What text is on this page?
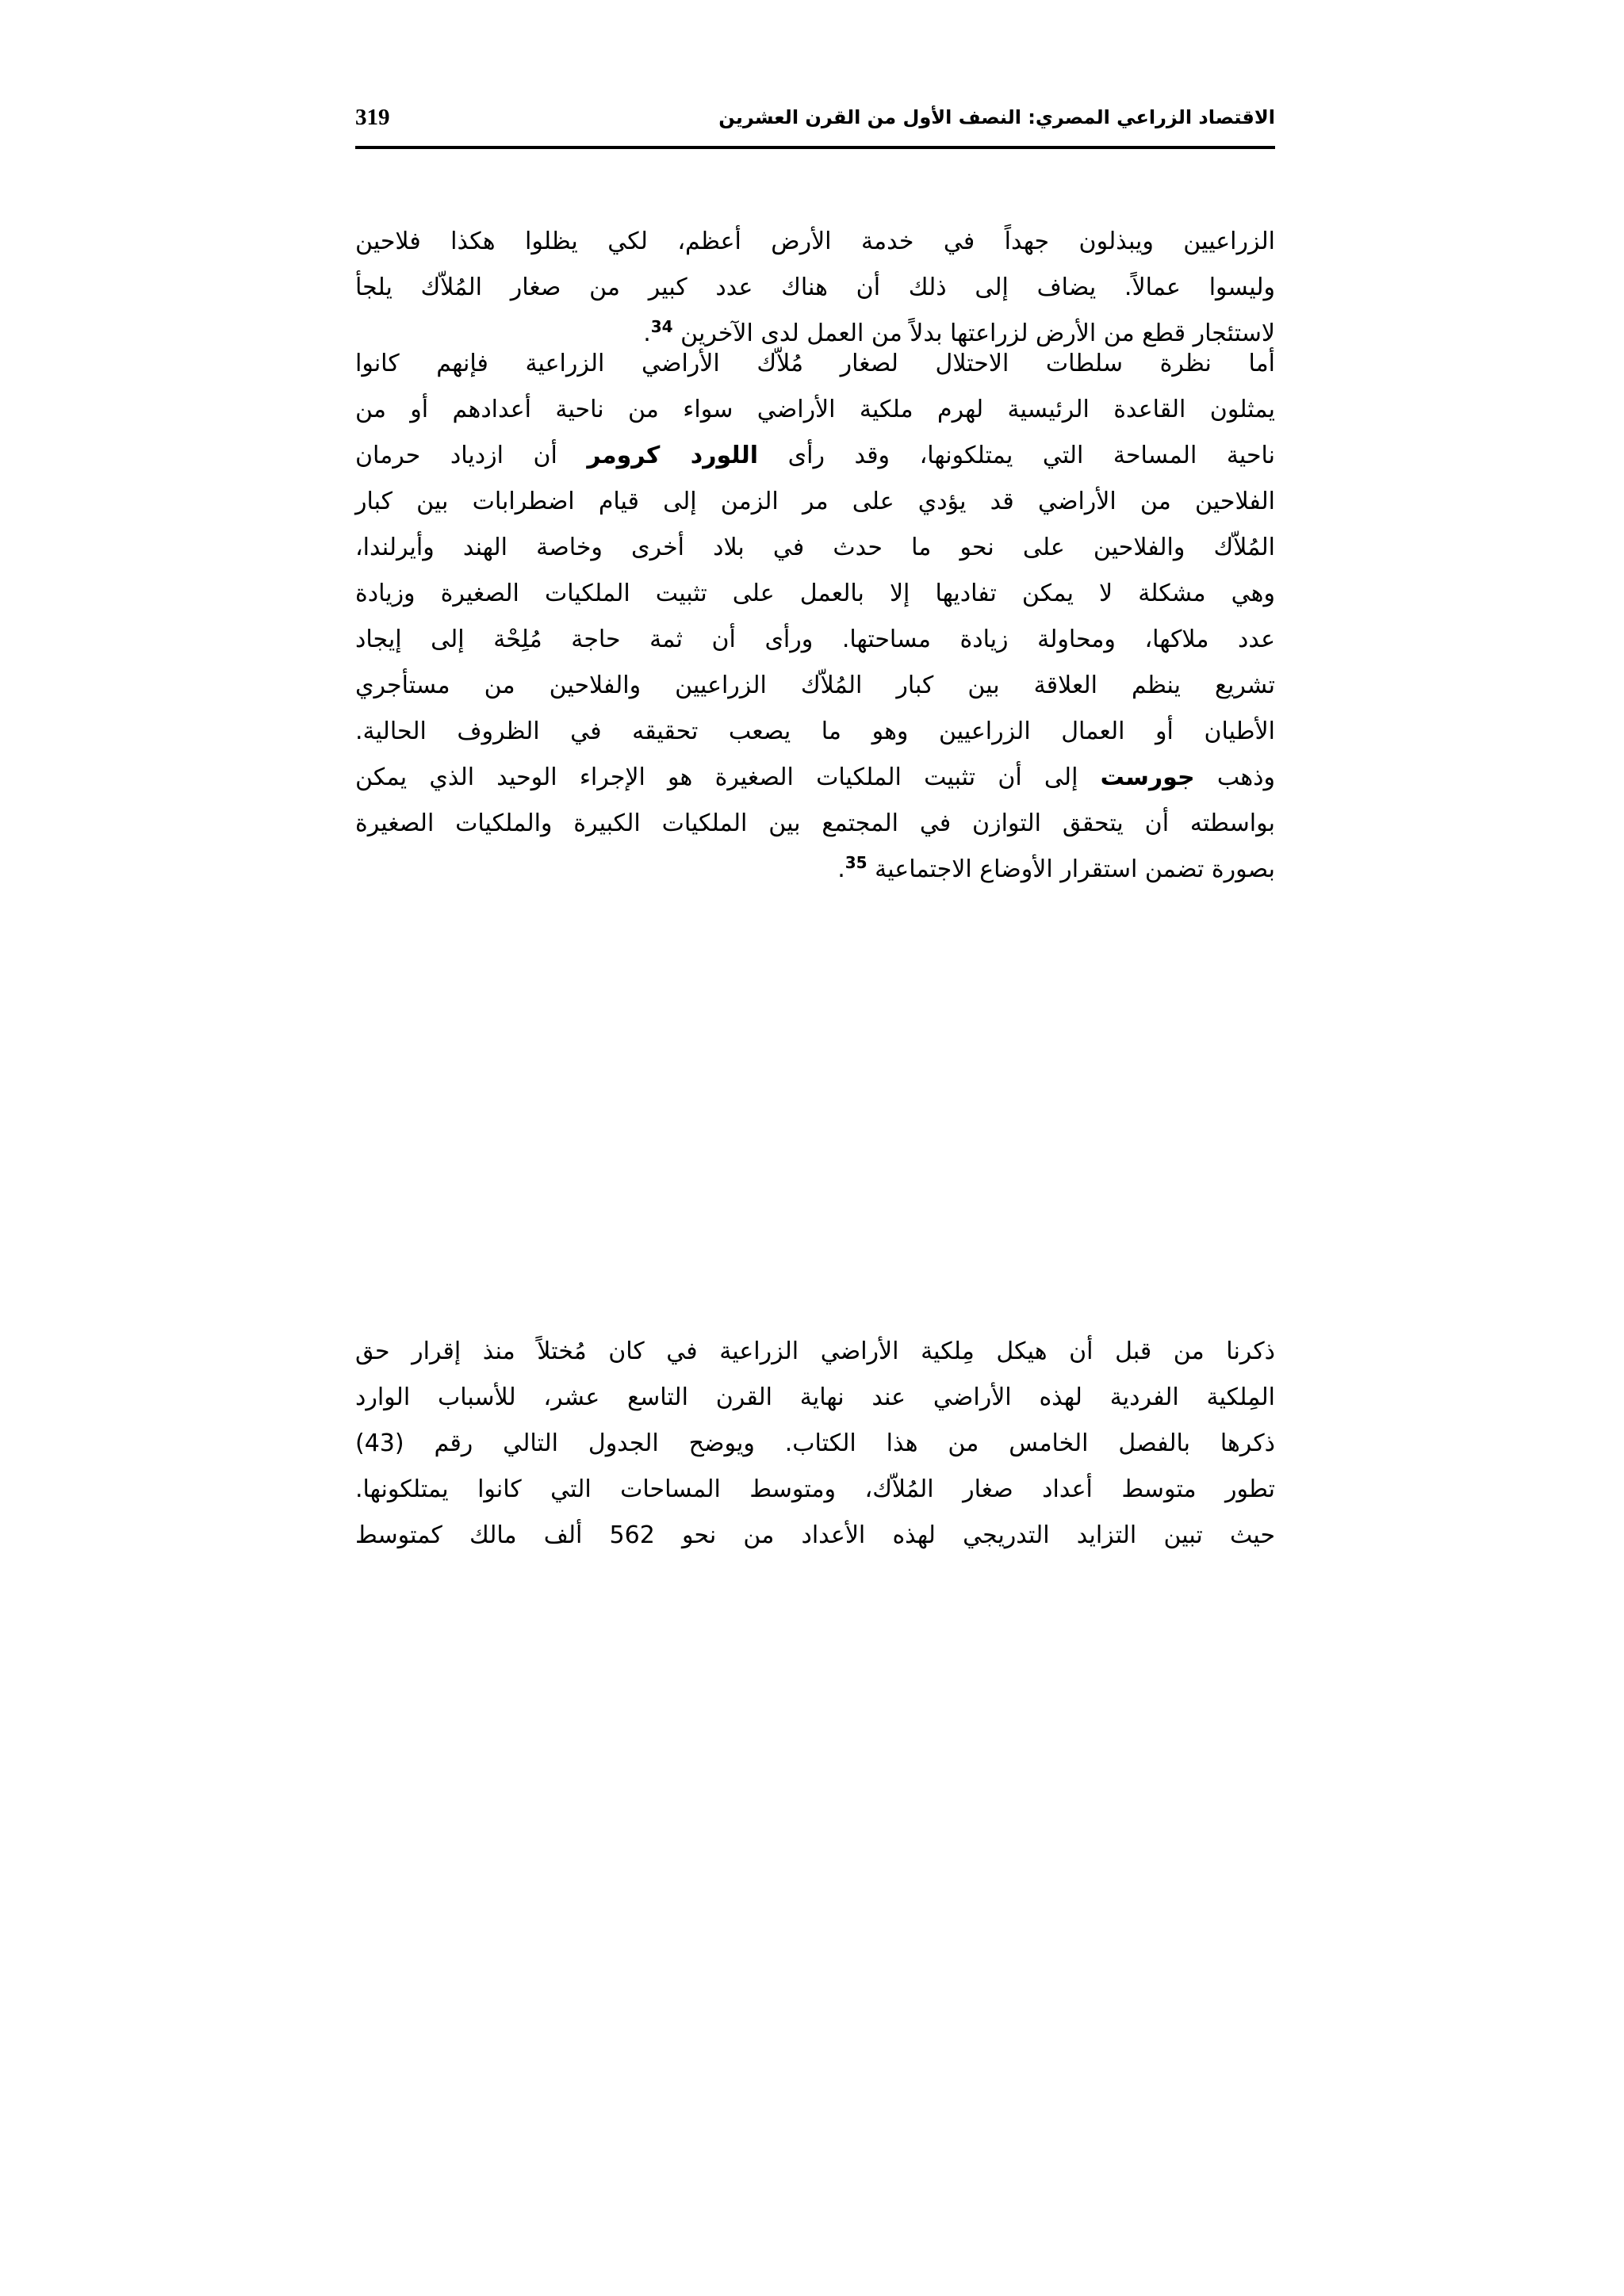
الاقتصاد الزراعي المصري: النصف الأول من القرن العشرين
319
الزراعيين ويبذلون جهداً في خدمة الأرض أعظم، لكي يظلوا هكذا فلاحين
وليسوا عمالاً. يضاف إلى ذلك أن هناك عدد كبير من صغار المُلاّك يلجأ
لاستئجار قطع من الأرض لزراعتها بدلاً من العمل لدى الآخرين $^{34}$.
أما نظرة سلطات الاحتلال لصغار مُلاّك الأراضي الزراعية فإنهم كانوا
يمثلون القاعدة الرئيسية لهرم ملكية الأراضي سواء من ناحية أعدادهم أو من
ناحية المساحة التي يمتلكونها، وقد رأى اللورد كرومر أن ازدياد حرمان
الفلاحين من الأراضي قد يؤدي على مر الزمن إلى قيام اضطرابات بين كبار
المُلاّك والفلاحين على نحو ما حدث في بلاد أخرى وخاصة الهند وأيرلندا،
وهي مشكلة لا يمكن تفاديها إلا بالعمل على تثبيت الملكيات الصغيرة وزيادة
عدد ملاكها، ومحاولة زيادة مساحتها. ورأى أن ثمة حاجة مُلِحْة إلى إيجاد
تشريع ينظم العلاقة بين كبار المُلاّك الزراعيين والفلاحين من مستأجري
الأطيان أو العمال الزراعيين وهو ما يصعب تحقيقه في الظروف الحالية.
وذهب جورست إلى أن تثبيت الملكيات الصغيرة هو الإجراء الوحيد الذي يمكن
بواسطته أن يتحقق التوازن في المجتمع بين الملكيات الكبيرة والملكيات الصغيرة
بصورة تضمن استقرار الأوضاع الاجتماعية $^{35}$.
ذكرنا من قبل أن هيكل مِلكية الأراضي الزراعية في كان مُختلاً منذ إقرار حق
المِلكية الفردية لهذه الأراضي عند نهاية القرن التاسع عشر، للأسباب الوارد
ذكرها بالفصل الخامس من هذا الكتاب. ويوضح الجدول التالي رقم (43)
تطور متوسط أعداد صغار المُلاّك، ومتوسط المساحات التي كانوا يمتلكونها.
حيث تبين التزايد التدريجي لهذه الأعداد من نحو 562 ألف مالك كمتوسط
